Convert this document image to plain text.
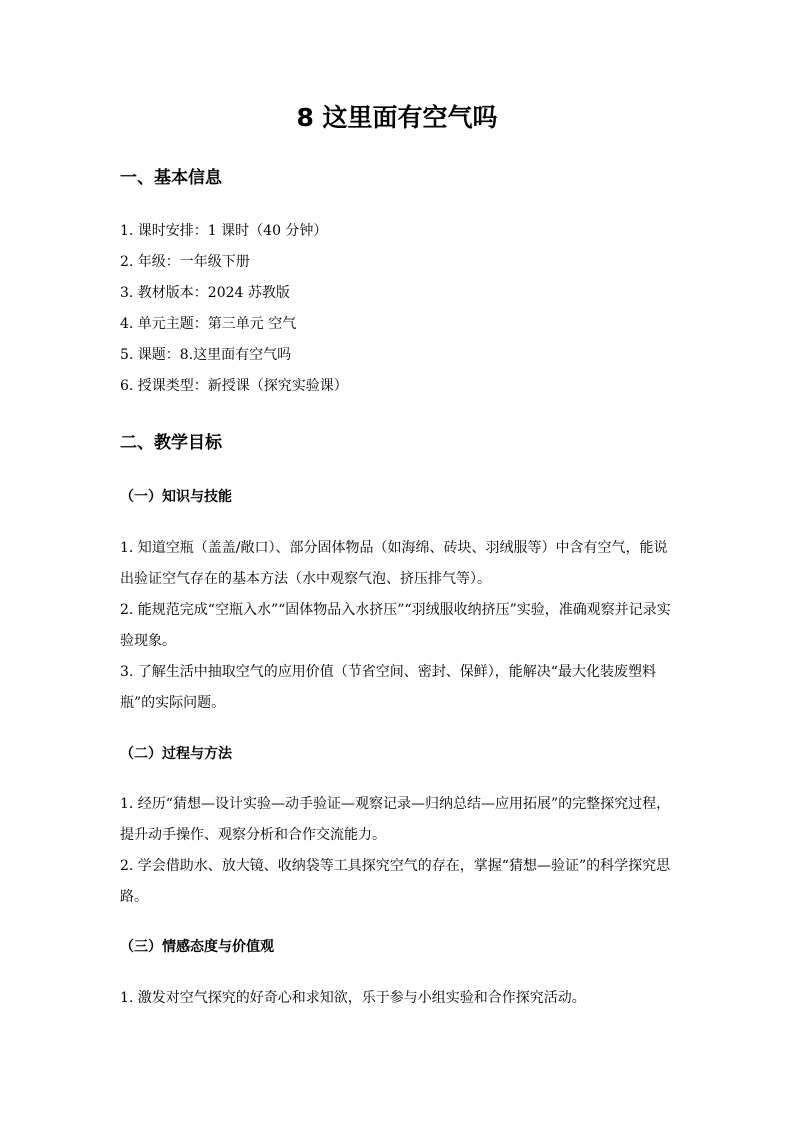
8 这里面有空气吗
一、基本信息
1. 课时安排：1 课时（40 分钟）
2. 年级：一年级下册
3. 教材版本：2024 苏教版
4. 单元主题：第三单元 空气
5. 课题：8.这里面有空气吗
6. 授课类型：新授课（探究实验课）
二、教学目标
（一）知识与技能

1. 知道空瓶（盖盖/敞口）、部分固体物品（如海绵、砖块、羽绒服等）中含有空气，能说出验证空气存在的基本方法（水中观察气泡、挤压排气等）。

2. 能规范完成“空瓶入水”“固体物品入水挤压”“羽绒服收纳挤压”实验，准确观察并记录实验现象。

3. 了解生活中抽取空气的应用价值（节省空间、密封、保鲜），能解决“最大化装废塑料瓶”的实际问题。

（二）过程与方法

1. 经历“猜想—设计实验—动手验证—观察记录—归纳总结—应用拓展”的完整探究过程，提升动手操作、观察分析和合作交流能力。

2. 学会借助水、放大镜、收纳袋等工具探究空气的存在，掌握“猜想—验证”的科学探究思路。

（三）情感态度与价值观

1. 激发对空气探究的好奇心和求知欲，乐于参与小组实验和合作探究活动。
